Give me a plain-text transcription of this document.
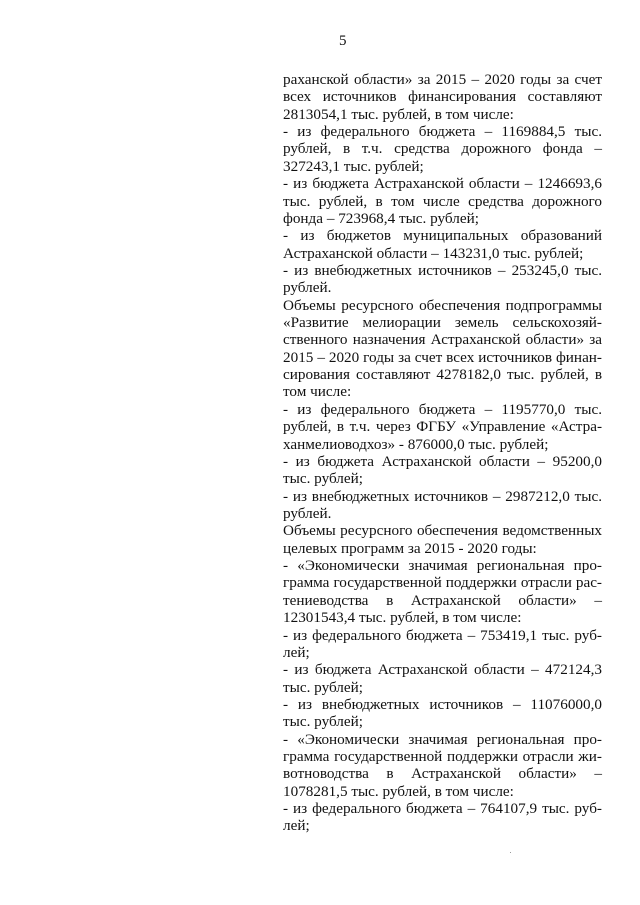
5
раханской области» за 2015 – 2020 годы за счет
всех источников финансирования составляют
2813054,1 тыс. рублей, в том числе:
- из федерального бюджета – 1169884,5 тыс.
рублей, в т.ч. средства дорожного фонда –
327243,1 тыс. рублей;
- из бюджета Астраханской области – 1246693,6
тыс. рублей, в том числе средства дорожного
фонда – 723968,4 тыс. рублей;
- из бюджетов муниципальных образований
Астраханской области – 143231,0 тыс. рублей;
- из внебюджетных источников – 253245,0 тыс.
рублей.
Объемы ресурсного обеспечения подпрограммы
«Развитие мелиорации земель сельскохозяй-
ственного назначения Астраханской области» за
2015 – 2020 годы за счет всех источников финан-
сирования составляют 4278182,0 тыс. рублей, в
том числе:
- из федерального бюджета – 1195770,0 тыс.
рублей, в т.ч. через ФГБУ «Управление «Астра-
ханмелиоводхоз» - 876000,0 тыс. рублей;
- из бюджета Астраханской области – 95200,0
тыс. рублей;
- из внебюджетных источников – 2987212,0 тыс.
рублей.
Объемы ресурсного обеспечения ведомственных
целевых программ за 2015 - 2020 годы:
- «Экономически значимая региональная про-
грамма государственной поддержки отрасли рас-
тениеводства в Астраханской области» –
12301543,4 тыс. рублей, в том числе:
- из федерального бюджета – 753419,1 тыс. руб-
лей;
- из бюджета Астраханской области – 472124,3
тыс. рублей;
- из внебюджетных источников – 11076000,0
тыс. рублей;
- «Экономически значимая региональная про-
грамма государственной поддержки отрасли жи-
вотноводства в Астраханской области» –
1078281,5 тыс. рублей, в том числе:
- из федерального бюджета – 764107,9 тыс. руб-
лей;
